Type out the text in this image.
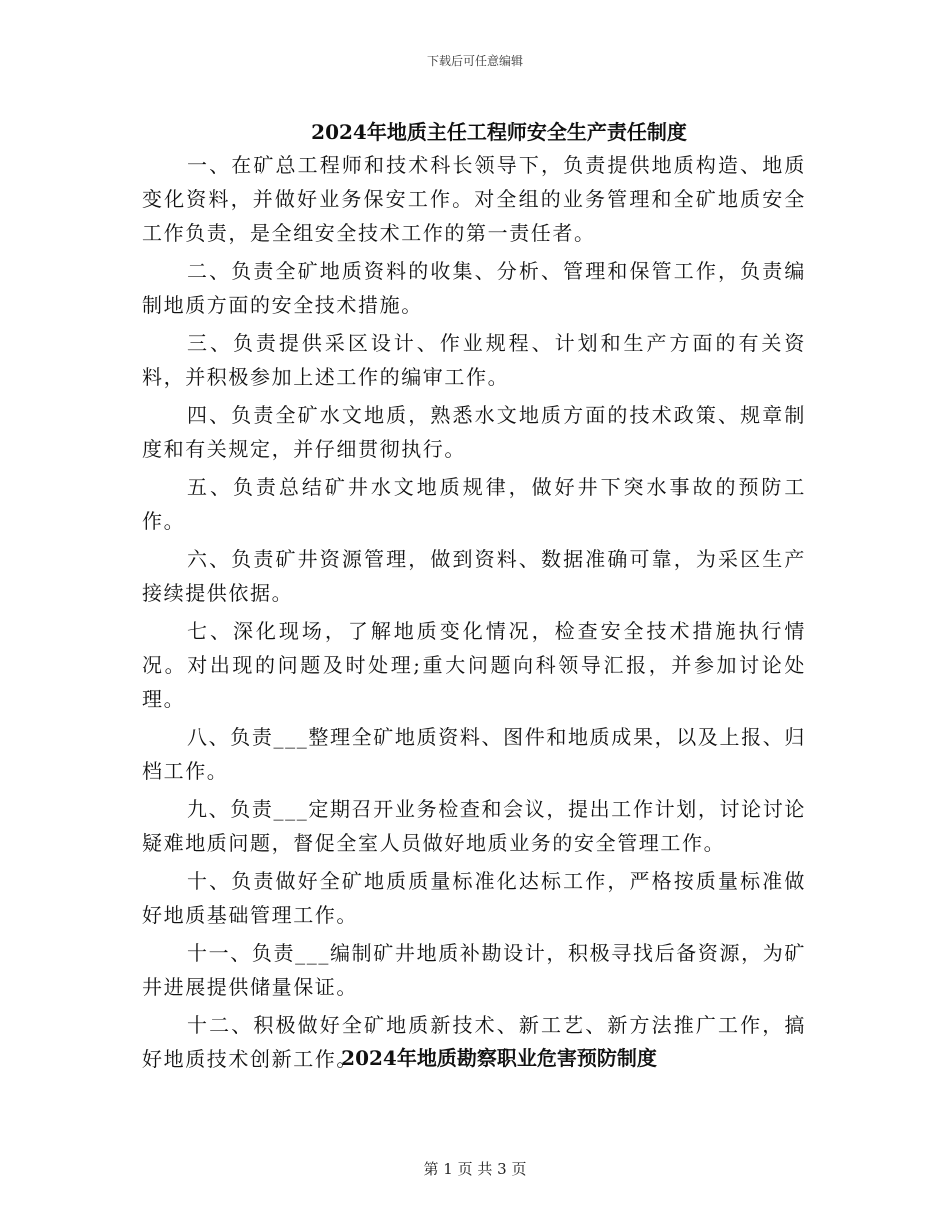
下载后可任意编辑
2024年地质主任工程师安全生产责任制度

一、在矿总工程师和技术科长领导下，负责提供地质构造、地质变化资料，并做好业务保安工作。对全组的业务管理和全矿地质安全工作负责，是全组安全技术工作的第一责任者。

二、负责全矿地质资料的收集、分析、管理和保管工作，负责编制地质方面的安全技术措施。

三、负责提供采区设计、作业规程、计划和生产方面的有关资料，并积极参加上述工作的编审工作。

四、负责全矿水文地质，熟悉水文地质方面的技术政策、规章制度和有关规定，并仔细贯彻执行。

五、负责总结矿井水文地质规律，做好井下突水事故的预防工作。

六、负责矿井资源管理，做到资料、数据准确可靠，为采区生产接续提供依据。

七、深化现场，了解地质变化情况，检查安全技术措施执行情况。对出现的问题及时处理;重大问题向科领导汇报，并参加讨论处理。

八、负责___整理全矿地质资料、图件和地质成果，以及上报、归档工作。

九、负责___定期召开业务检查和会议，提出工作计划，讨论讨论疑难地质问题，督促全室人员做好地质业务的安全管理工作。

十、负责做好全矿地质质量标准化达标工作，严格按质量标准做好地质基础管理工作。

十一、负责___编制矿井地质补勘设计，积极寻找后备资源，为矿井进展提供储量保证。

十二、积极做好全矿地质新技术、新工艺、新方法推广工作，搞好地质技术创新工作。

2024年地质勘察职业危害预防制度
第 1 页 共 3 页
